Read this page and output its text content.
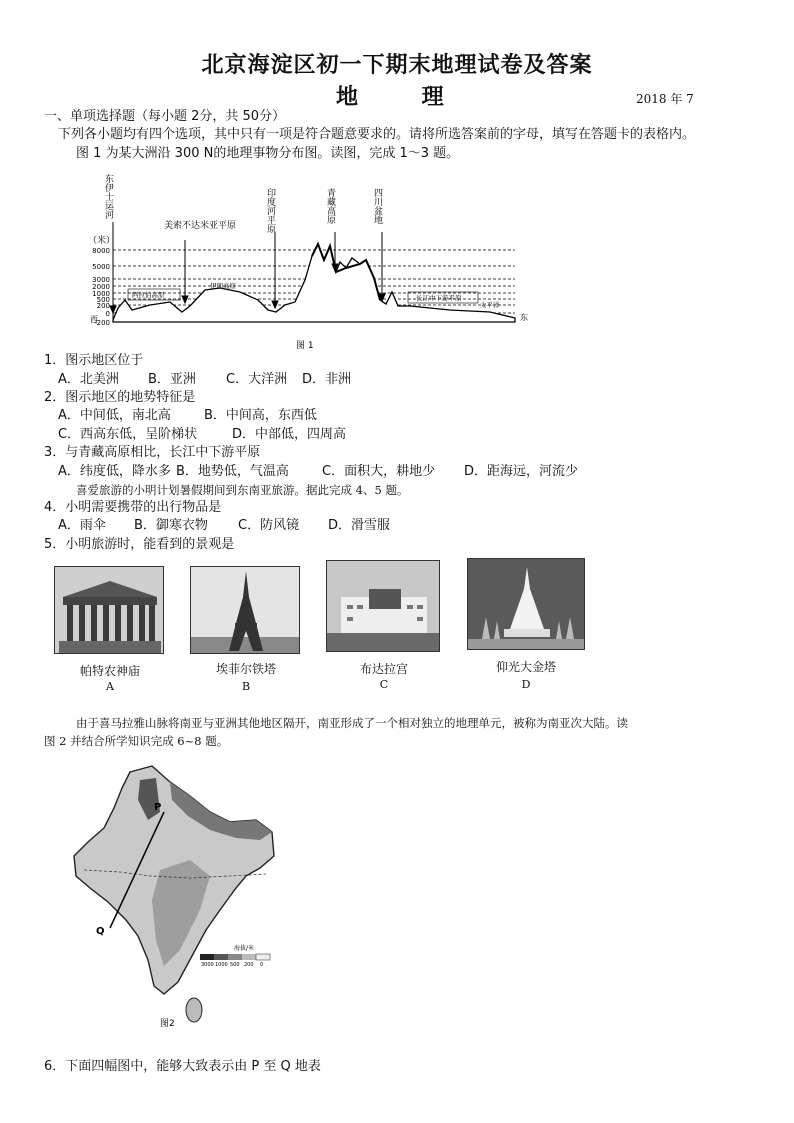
北京海淀区初一下期末地理试卷及答案
地 理	2018 年 7
一、单项选择题（每小题 2分，共 50分）
下列各小题均有四个选项，其中只有一项是符合题意要求的。请将所选答案前的字母，填写在答题卡的表格内。
图 1 为某大洲沿 300 N的地理事物分布图。读图，完成 1～3 题。
（米）
8000
5000
3000
2000
1000
500
200
0
-200
东伊士运河
美索不达米亚平原	印度河平原	青藏高原	四川盆地
阿拉伯高原
伊朗高原
长江中下游平原
太平洋
西	东
图 1
1．图示地区位于
A．北美洲 B．亚洲 C．大洋洲 D．非洲
2．图示地区的地势特征是
A．中间低，南北高	B．中间高，东西低
C．西高东低，呈阶梯状	D．中部低，四周高
3．与青藏高原相比，长江中下游平原
A．纬度低，降水多 B．地势低，气温高	C．面积大，耕地少 D．距海远，河流少
喜爱旅游的小明计划暑假期间到东南亚旅游。据此完成 4、5 题。
4．小明需要携带的出行物品是
A．雨伞 B．御寒衣物 C．防风镜 D．滑雪服
5．小明旅游时，能看到的景观是
帕特农神庙
A
埃菲尔铁塔
B
布达拉宫
C
仰光大金塔
D
由于喜马拉雅山脉将南亚与亚洲其他地区隔开，南亚形成了一个相对独立的地理单元，被称为南亚次大陆。读
图 2 并结合所学知识完成 6~8 题。
P
Q
海拔/米
3000 1000 500 200 0
图2
6．下面四幅图中，能够大致表示由 P 至 Q 地表
